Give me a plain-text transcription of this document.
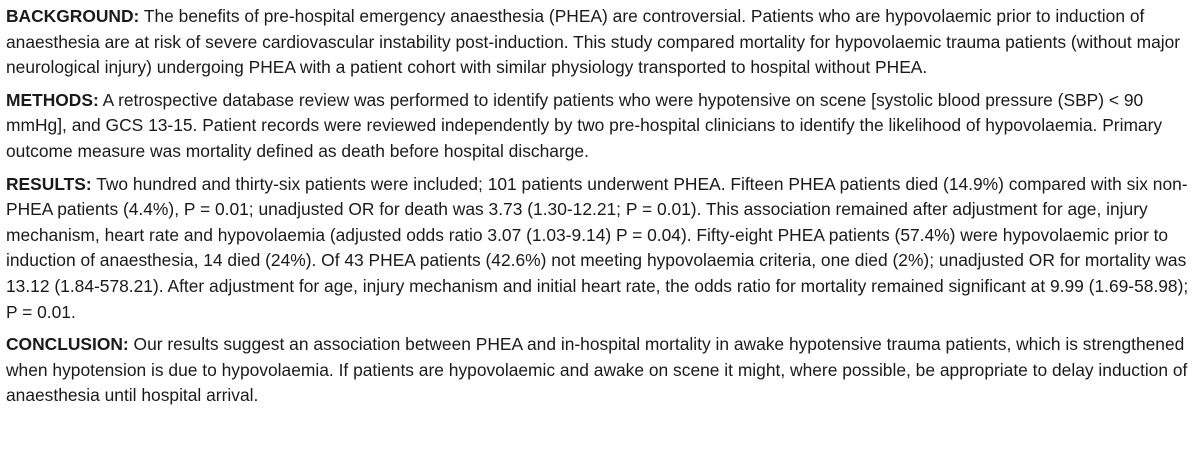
BACKGROUND: The benefits of pre-hospital emergency anaesthesia (PHEA) are controversial. Patients who are hypovolaemic prior to induction of anaesthesia are at risk of severe cardiovascular instability post-induction. This study compared mortality for hypovolaemic trauma patients (without major neurological injury) undergoing PHEA with a patient cohort with similar physiology transported to hospital without PHEA.

METHODS: A retrospective database review was performed to identify patients who were hypotensive on scene [systolic blood pressure (SBP) < 90 mmHg], and GCS 13-15. Patient records were reviewed independently by two pre-hospital clinicians to identify the likelihood of hypovolaemia. Primary outcome measure was mortality defined as death before hospital discharge.

RESULTS: Two hundred and thirty-six patients were included; 101 patients underwent PHEA. Fifteen PHEA patients died (14.9%) compared with six non-PHEA patients (4.4%), P = 0.01; unadjusted OR for death was 3.73 (1.30-12.21; P = 0.01). This association remained after adjustment for age, injury mechanism, heart rate and hypovolaemia (adjusted odds ratio 3.07 (1.03-9.14) P = 0.04). Fifty-eight PHEA patients (57.4%) were hypovolaemic prior to induction of anaesthesia, 14 died (24%). Of 43 PHEA patients (42.6%) not meeting hypovolaemia criteria, one died (2%); unadjusted OR for mortality was 13.12 (1.84-578.21). After adjustment for age, injury mechanism and initial heart rate, the odds ratio for mortality remained significant at 9.99 (1.69-58.98); P = 0.01.

CONCLUSION: Our results suggest an association between PHEA and in-hospital mortality in awake hypotensive trauma patients, which is strengthened when hypotension is due to hypovolaemia. If patients are hypovolaemic and awake on scene it might, where possible, be appropriate to delay induction of anaesthesia until hospital arrival.
